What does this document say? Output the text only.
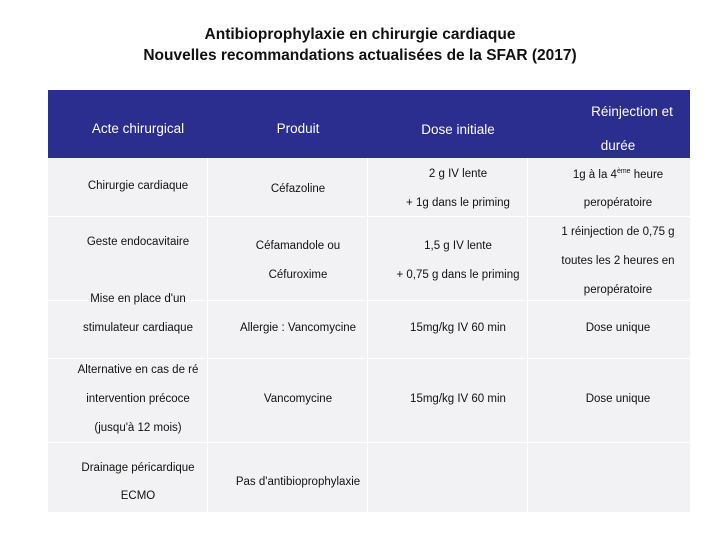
Antibioprophylaxie en chirurgie cardiaque
Nouvelles recommandations actualisées de la SFAR (2017)
Acte chirurgical	Produit	Dose initiale
Réinjection et
durée
Chirurgie cardiaque
Geste endocavitaire
Mise en place d'un
stimulateur cardiaque
Alternative en cas de ré
intervention précoce
(jusqu'à 12 mois)
Drainage péricardique
ECMO
Céfazoline
Céfamandole ou
Céfuroxime
Allergie : Vancomycine
Vancomycine
Pas d'antibioprophylaxie
2 g IV lente
+ 1g dans le priming
1,5 g IV lente
+ 0,75 g dans le priming
15mg/kg IV 60 min
15mg/kg IV 60 min
1g à la 4ème heure
peropératoire
1 réinjection de 0,75 g
toutes les 2 heures en
peropératoire
Dose unique
Dose unique
